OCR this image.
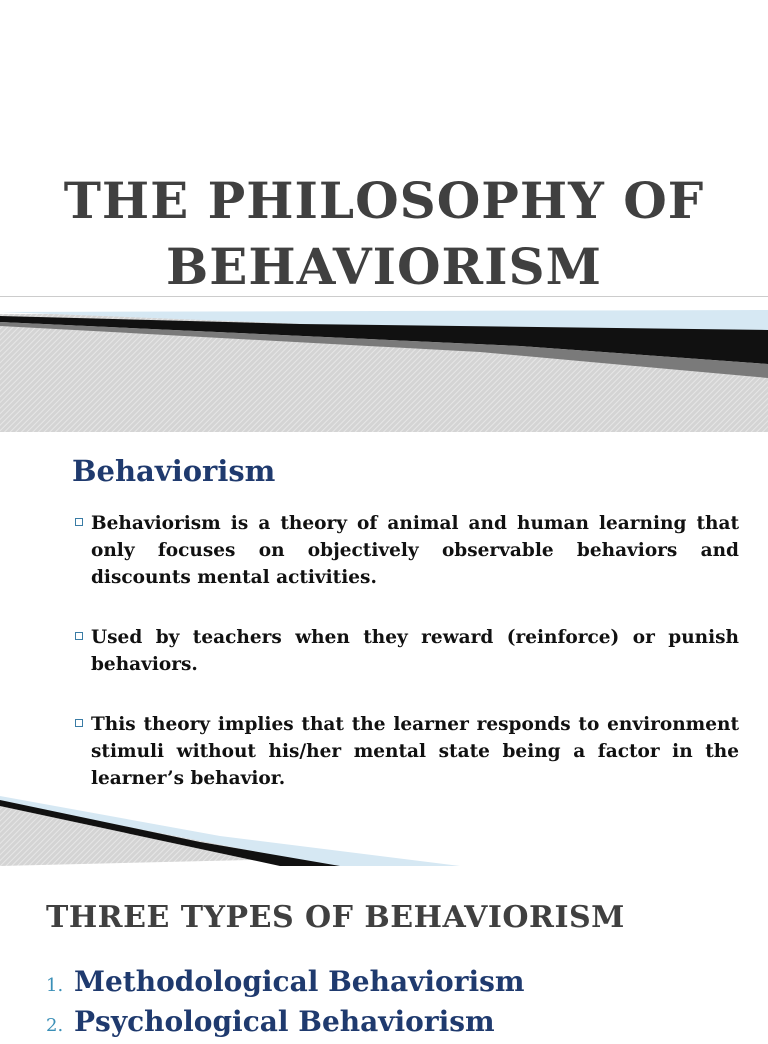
THE PHILOSOPHY OF
BEHAVIORISM
Behaviorism
Behaviorism is a theory of animal and human learning that only focuses on objectively observable behaviors and discounts mental activities.
Used by teachers when they reward (reinforce) or punish behaviors.
This theory implies that the learner responds to environment stimuli without his/her mental state being a factor in the learner’s behavior.
THREE TYPES OF BEHAVIORISM
1. Methodological Behaviorism
2. Psychological Behaviorism
